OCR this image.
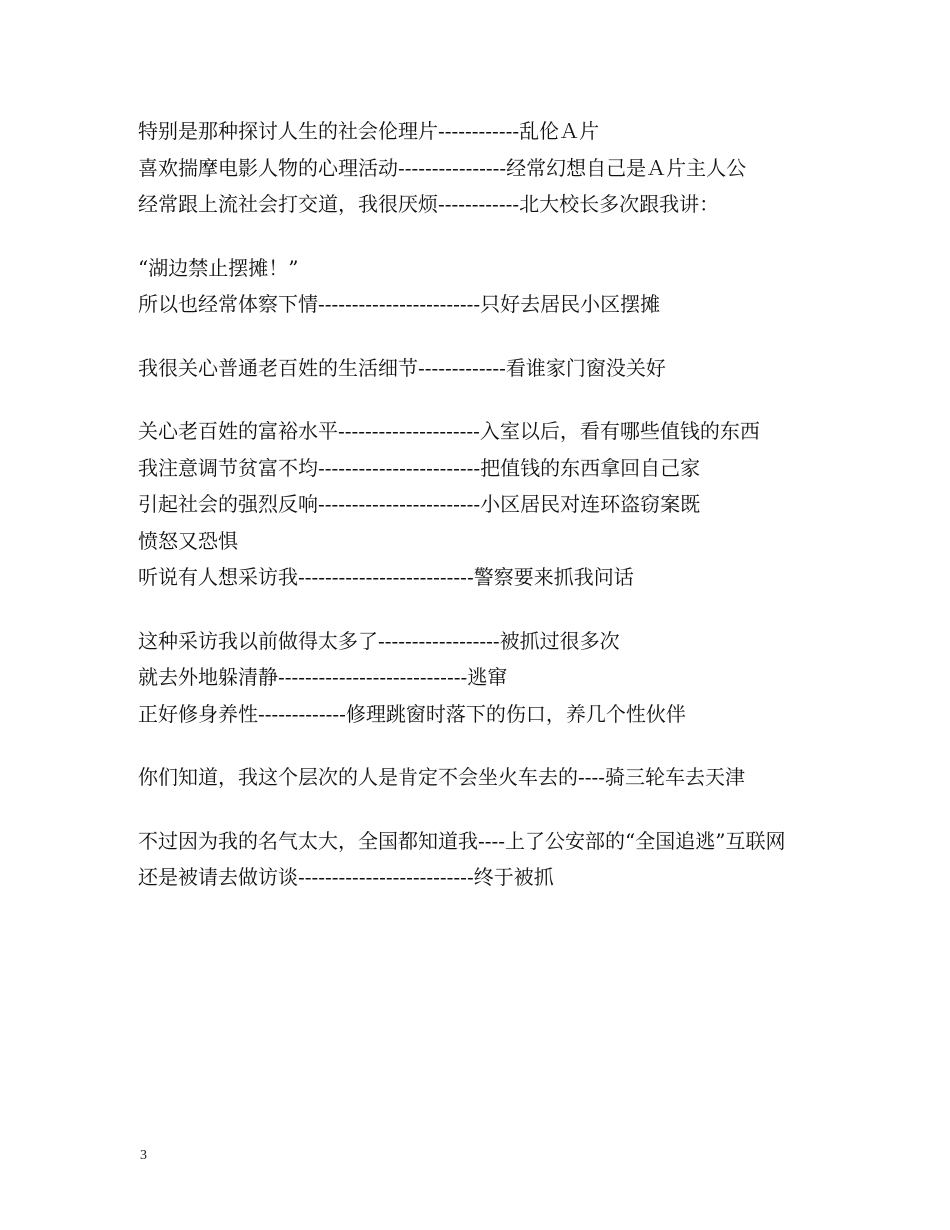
特别是那种探讨人生的社会伦理片------------乱伦Ａ片

喜欢揣摩电影人物的心理活动----------------经常幻想自己是Ａ片主人公

经常跟上流社会打交道，我很厌烦------------北大校长多次跟我讲：

“湖边禁止摆摊！”

所以也经常体察下情------------------------只好去居民小区摆摊

我很关心普通老百姓的生活细节-------------看谁家门窗没关好

关心老百姓的富裕水平---------------------入室以后，看有哪些值钱的东西

我注意调节贫富不均------------------------把值钱的东西拿回自己家

引起社会的强烈反响------------------------小区居民对连环盗窃案既

愤怒又恐惧

听说有人想采访我--------------------------警察要来抓我问话

这种采访我以前做得太多了------------------被抓过很多次

就去外地躲清静----------------------------逃窜

正好修身养性-------------修理跳窗时落下的伤口，养几个性伙伴

你们知道，我这个层次的人是肯定不会坐火车去的----骑三轮车去天津

不过因为我的名气太大，全国都知道我----上了公安部的“全国追逃”互联网

还是被请去做访谈--------------------------终于被抓

3
